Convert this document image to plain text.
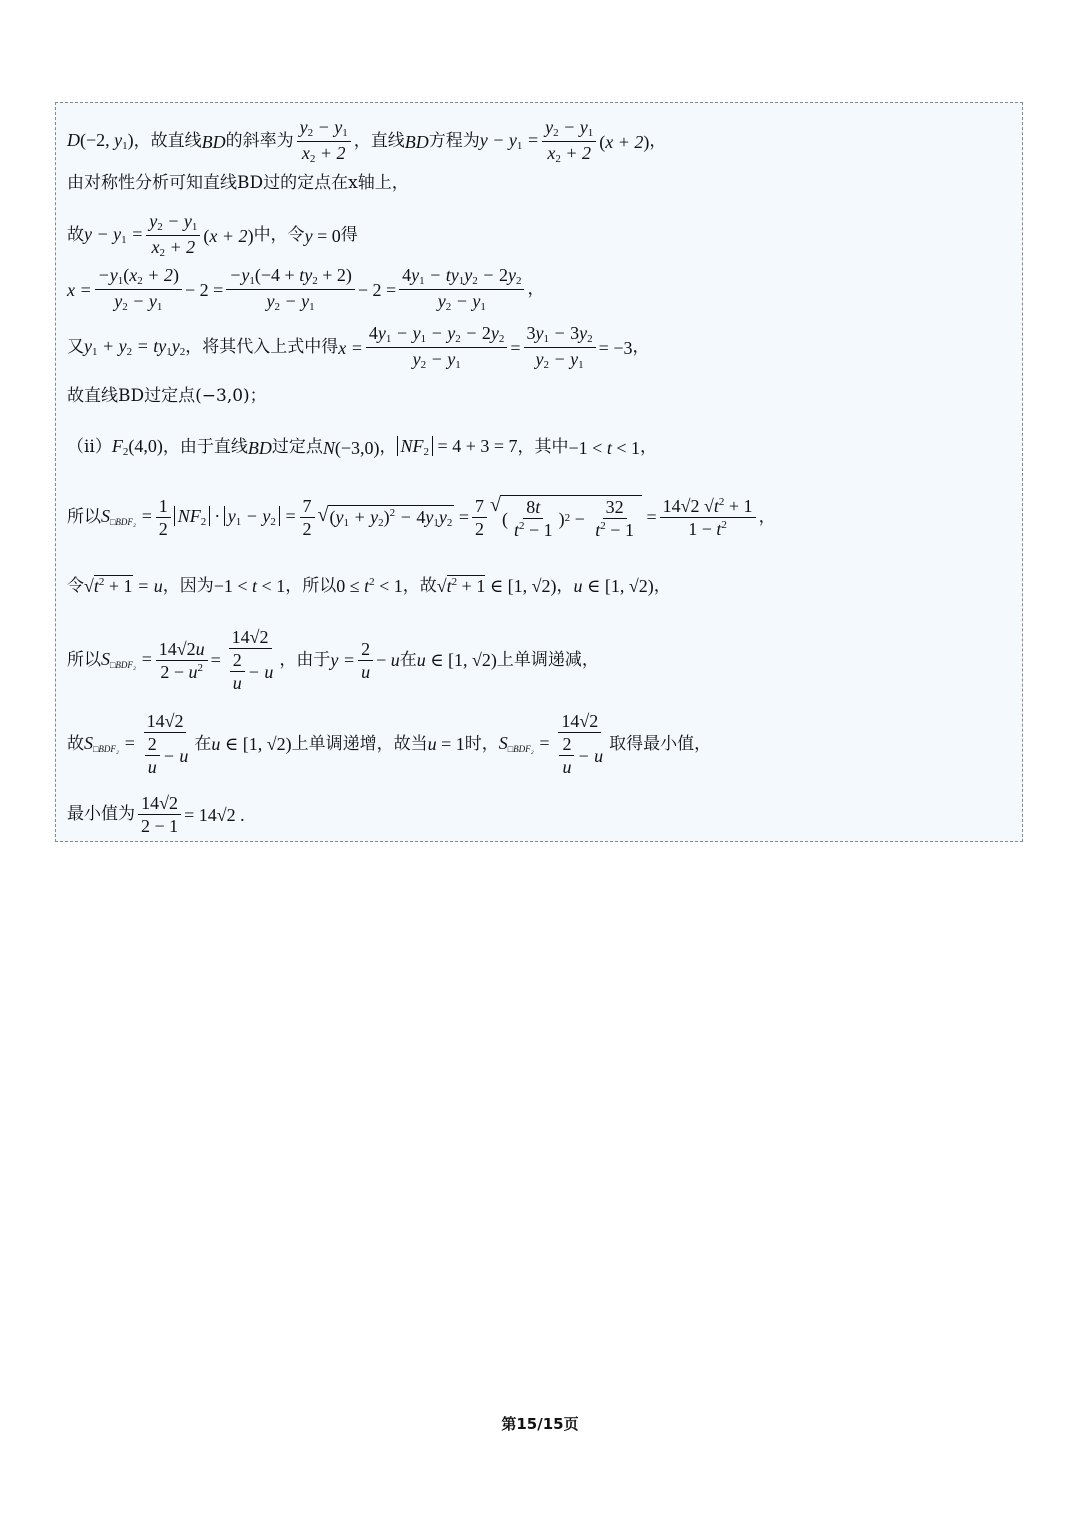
D(−2, $y_1$) ，故直线 BD 的斜率为 $\frac{y_2 - y_1}{x_2 + 2}$ ，直线 BD 方程为 $y - y_1 = \frac{y_2 - y_1}{x_2 + 2} (x + 2)$ ，
由对称性分析可知直线BD过的定点在x轴上，
故 $y - y_1 = \frac{y_2 - y_1}{x_2 + 2} (x + 2)$ 中，令 y = 0 得
$x = \frac{-y_1(x_2 + 2)}{y_2 - y_1} - 2 = \frac{-y_1(-4 + ty_2 + 2)}{y_2 - y_1} - 2 = \frac{4y_1 - ty_1y_2 - 2y_2}{y_2 - y_1}$ ，
又 $y_1 + y_2 = ty_1y_2$ ，将其代入上式中得 $x = \frac{4y_1 - y_1 - y_2 - 2y_2}{y_2 - y_1} = \frac{3y_1 - 3y_2}{y_2 - y_1} = -3$ ，
故直线BD过定点(−3,0)；
（ii） $F_2(4,0)$ ，由于直线 BD 过定点 N(−3,0) ， $NF_2 = 4 + 3 = 7$ ，其中 −1 < t < 1 ，
所以 S□BDF₂ = $\frac{1}{2} NF_2 \cdot y_1 - y_2 = \frac{7}{2}$ √ $(y_1 + y_2)^2 - 4y_1y_2 = \frac{7}{2}$ √
( $\frac{8t}{t^2 - 1}$ ) $2 - \frac{32}{t^2 - 1} = \frac{14√2 √t^2 + 1}{1 - t^2}$ ，
令 $√t^2 + 1 = u$ ，因为 −1 < t < 1 ，所以 $0 \le t^2 < 1$ ，故 $√t^2 + 1$ ∈ [1, √2) ， u ∈ [1, √2) ，
所以 S□BDF₂ = $\frac{14√2u}{2 - u^2} = \frac{14√2}{\frac{2}{u} - u}$ ，由于 $y = \frac{2}{u} - u$ 在 u ∈ [1, √2) 上单调递减，
故 S□BDF₂ = $\frac{14√2}{\frac{2}{u} - u}$ 在 u ∈ [1, √2) 上单调递增，故当 u = 1 时， S□BDF₂ = $\frac{14√2}{\frac{2}{u} - u}$ 取得最小值，
最小值为 $\frac{14√2}{2 - 1} = 14√2$ .
第15/15页
